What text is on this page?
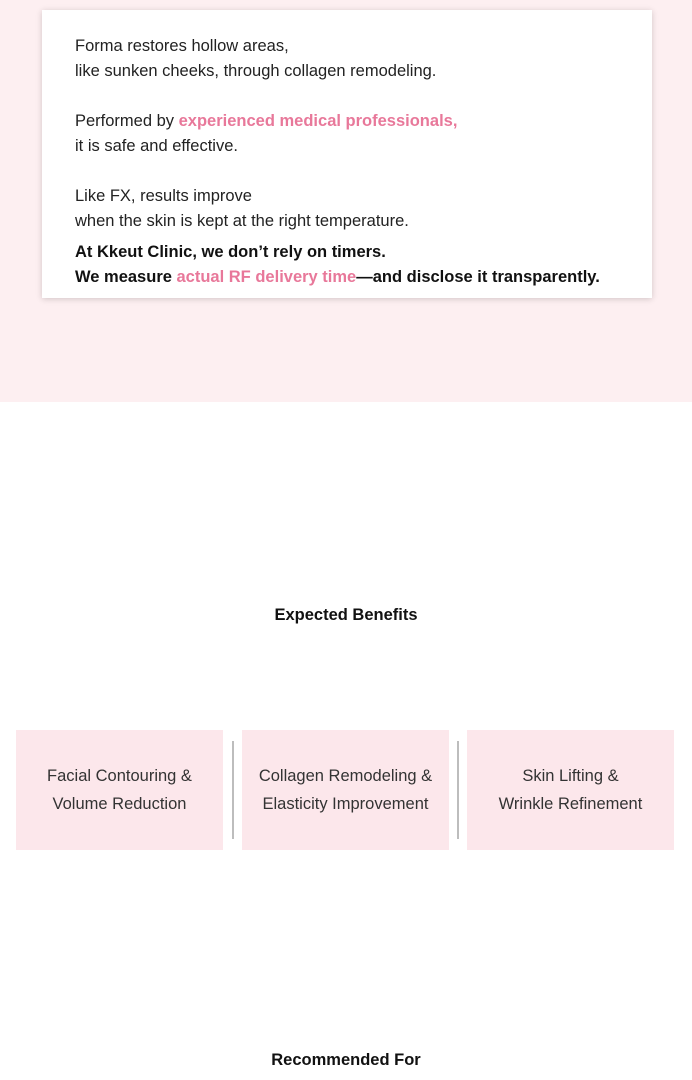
Forma restores hollow areas,
like sunken cheeks, through collagen remodeling.

Performed by experienced medical professionals,
it is safe and effective.

Like FX, results improve
when the skin is kept at the right temperature.

At Kkeut Clinic, we don’t rely on timers.
We measure actual RF delivery time—and disclose it transparently.

Expected Benefits
Facial Contouring &
Volume Reduction
Collagen Remodeling &
Elasticity Improvement
Skin Lifting &
Wrinkle Refinement
Recommended For
